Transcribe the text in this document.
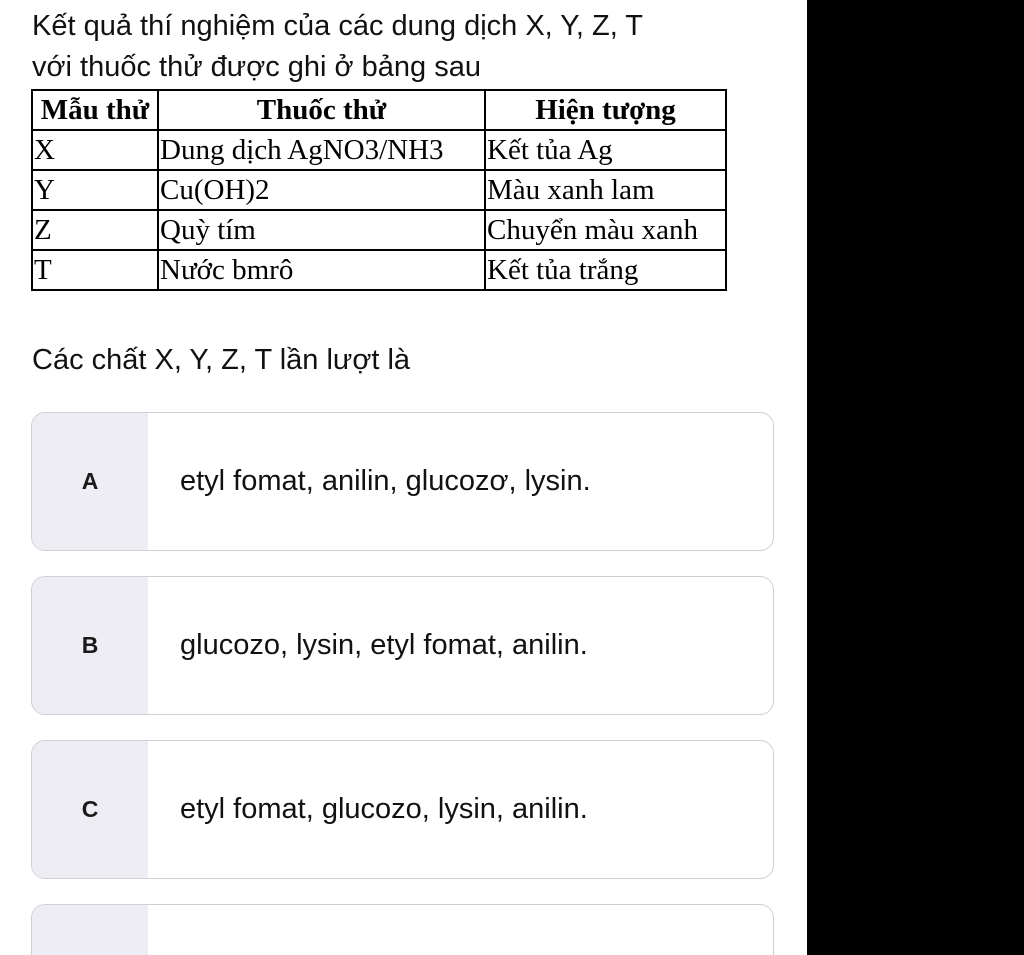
Kết quả thí nghiệm của các dung dịch X, Y, Z, T
với thuốc thử được ghi ở bảng sau
Mẫu thử	Thuốc thử	Hiện tượng
X	Dung dịch AgNO3/NH3	Kết tủa Ag
Y	Cu(OH)2	Màu xanh lam
Z	Quỳ tím	Chuyển màu xanh
T	Nước bmrô	Kết tủa trắng
Các chất X, Y, Z, T lần lượt là
A	etyl fomat, anilin, glucozơ, lysin.
B	glucozo, lysin, etyl fomat, anilin.
C	etyl fomat, glucozo, lysin, anilin.
